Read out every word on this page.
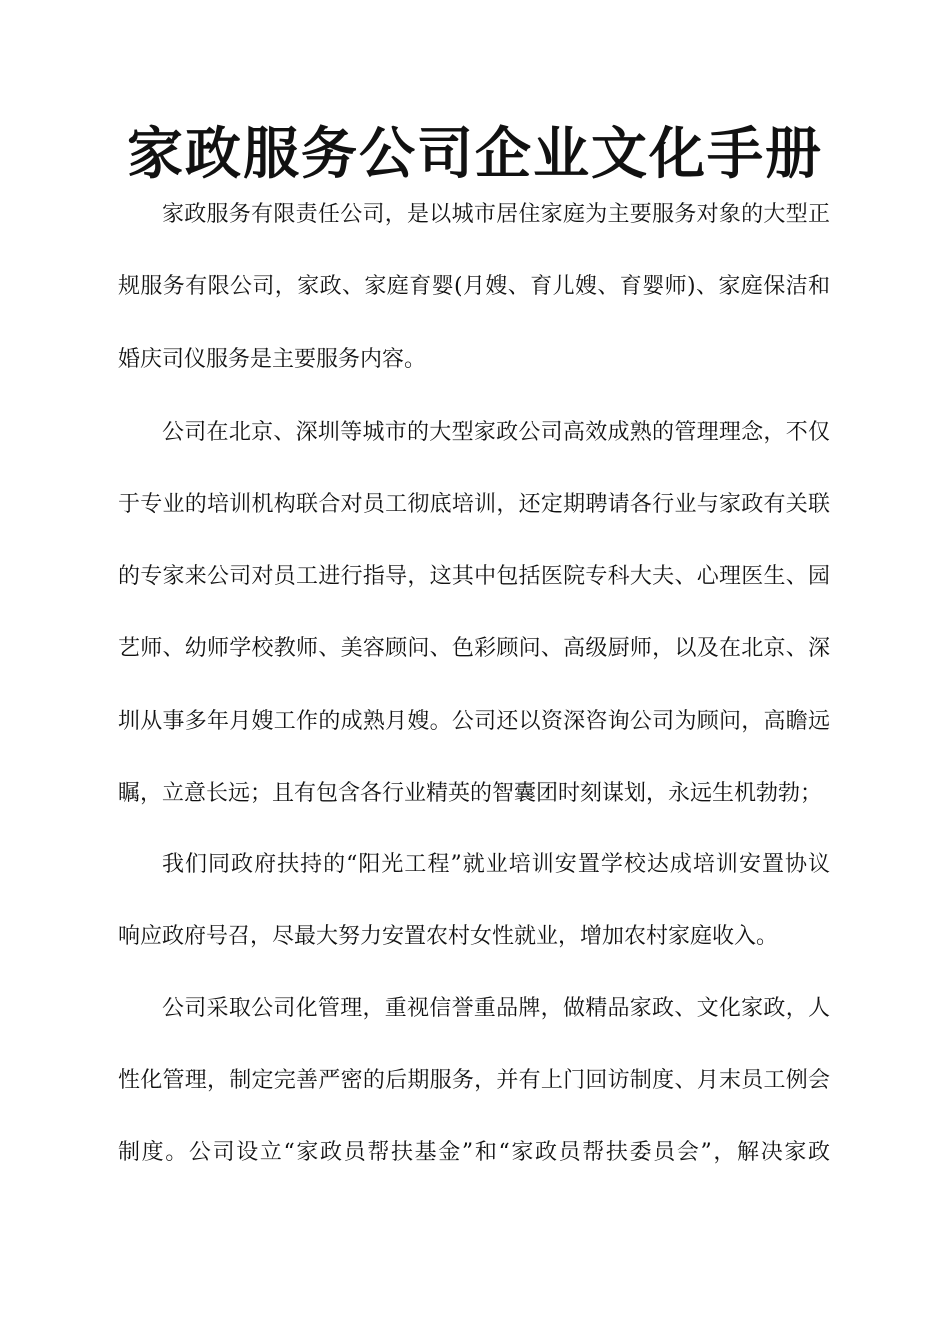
家政服务公司企业文化手册

家政服务有限责任公司，是以城市居住家庭为主要服务对象的大型正

规服务有限公司，家政、家庭育婴(月嫂、育儿嫂、育婴师)、家庭保洁和

婚庆司仪服务是主要服务内容。

公司在北京、深圳等城市的大型家政公司高效成熟的管理理念，不仅

于专业的培训机构联合对员工彻底培训，还定期聘请各行业与家政有关联

的专家来公司对员工进行指导，这其中包括医院专科大夫、心理医生、园

艺师、幼师学校教师、美容顾问、色彩顾问、高级厨师，以及在北京、深

圳从事多年月嫂工作的成熟月嫂。公司还以资深咨询公司为顾问，高瞻远

瞩，立意长远；且有包含各行业精英的智囊团时刻谋划，永远生机勃勃；

我们同政府扶持的“阳光工程”就业培训安置学校达成培训安置协议

响应政府号召，尽最大努力安置农村女性就业，增加农村家庭收入。

公司采取公司化管理，重视信誉重品牌，做精品家政、文化家政，人

性化管理，制定完善严密的后期服务，并有上门回访制度、月末员工例会

制度。公司设立“家政员帮扶基金”和“家政员帮扶委员会”，解决家政
